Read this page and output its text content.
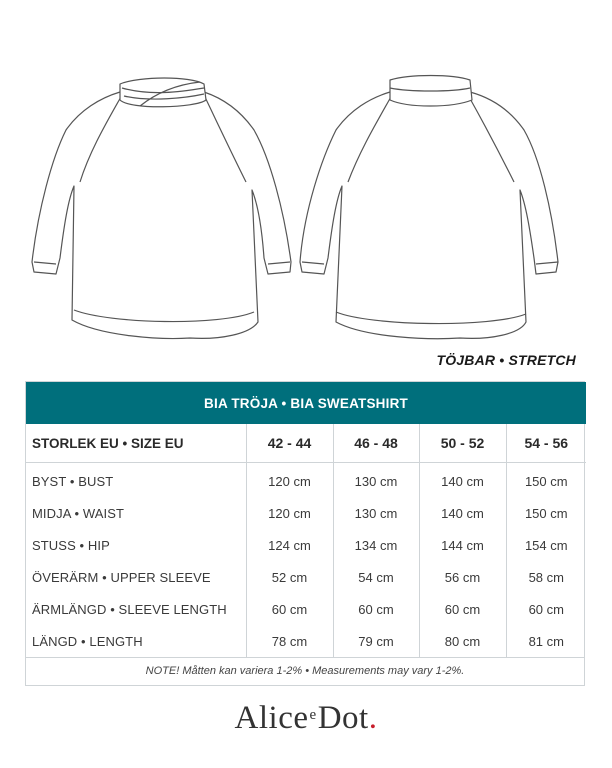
TÖJBAR • STRETCH
BIA TRÖJA • BIA SWEATSHIRT				
STORLEK EU • SIZE EU	42 - 44	46 - 48	50 - 52	54 - 56
BYST • BUST	120 cm	130 cm	140 cm	150 cm
MIDJA • WAIST	120 cm	130 cm	140 cm	150 cm
STUSS • HIP	124 cm	134 cm	144 cm	154 cm
ÖVERÄRM • UPPER SLEEVE	52 cm	54 cm	56 cm	58 cm
ÄRMLÄNGD • SLEEVE LENGTH	60 cm	60 cm	60 cm	60 cm
LÄNGD • LENGTH	78 cm	79 cm	80 cm	81 cm
NOTE! Måtten kan variera 1-2% • Measurements may vary 1-2%.
Alice$^e$Dot.
